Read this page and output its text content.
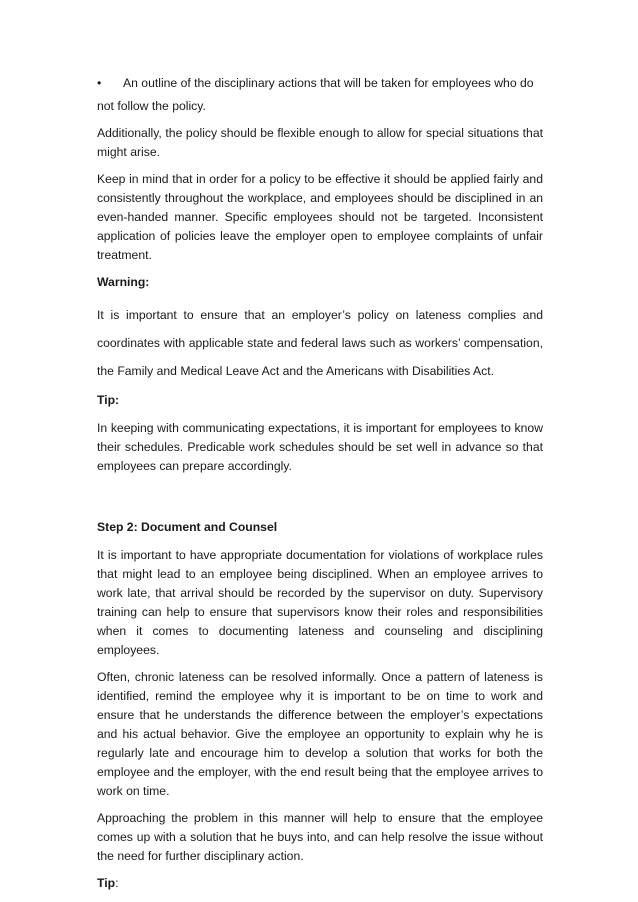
• An outline of the disciplinary actions that will be taken for employees who do

not follow the policy.

Additionally, the policy should be flexible enough to allow for special situations that might arise.

Keep in mind that in order for a policy to be effective it should be applied fairly and consistently throughout the workplace, and employees should be disciplined in an even-handed manner. Specific employees should not be targeted. Inconsistent application of policies leave the employer open to employee complaints of unfair treatment.

Warning:

It is important to ensure that an employer’s policy on lateness complies and coordinates with applicable state and federal laws such as workers’ compensation, the Family and Medical Leave Act and the Americans with Disabilities Act.

Tip:

In keeping with communicating expectations, it is important for employees to know their schedules. Predicable work schedules should be set well in advance so that employees can prepare accordingly.

Step 2: Document and Counsel

It is important to have appropriate documentation for violations of workplace rules that might lead to an employee being disciplined. When an employee arrives to work late, that arrival should be recorded by the supervisor on duty. Supervisory training can help to ensure that supervisors know their roles and responsibilities when it comes to documenting lateness and counseling and disciplining employees.

Often, chronic lateness can be resolved informally. Once a pattern of lateness is identified, remind the employee why it is important to be on time to work and ensure that he understands the difference between the employer’s expectations and his actual behavior. Give the employee an opportunity to explain why he is regularly late and encourage him to develop a solution that works for both the employee and the employer, with the end result being that the employee arrives to work on time.

Approaching the problem in this manner will help to ensure that the employee comes up with a solution that he buys into, and can help resolve the issue without the need for further disciplinary action.

Tip:
